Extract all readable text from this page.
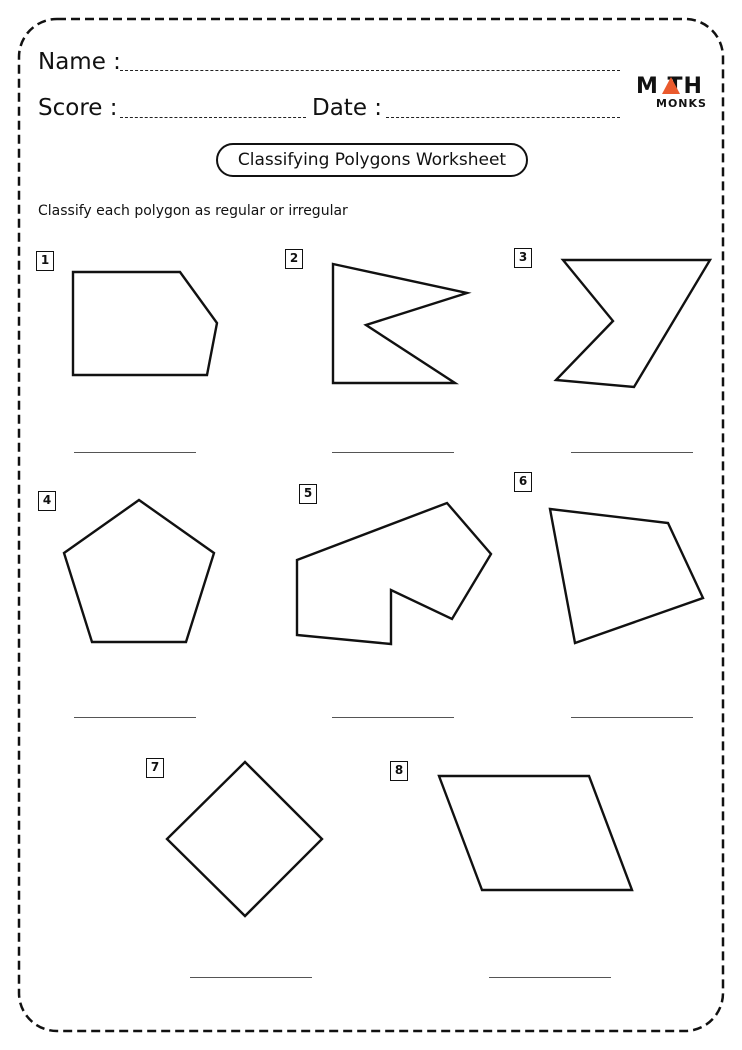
Name :
Score :	Date :
M TH
MONKS
Classifying Polygons Worksheet
Classify each polygon as regular or irregular
1	2	3
4	5
6
7	8
